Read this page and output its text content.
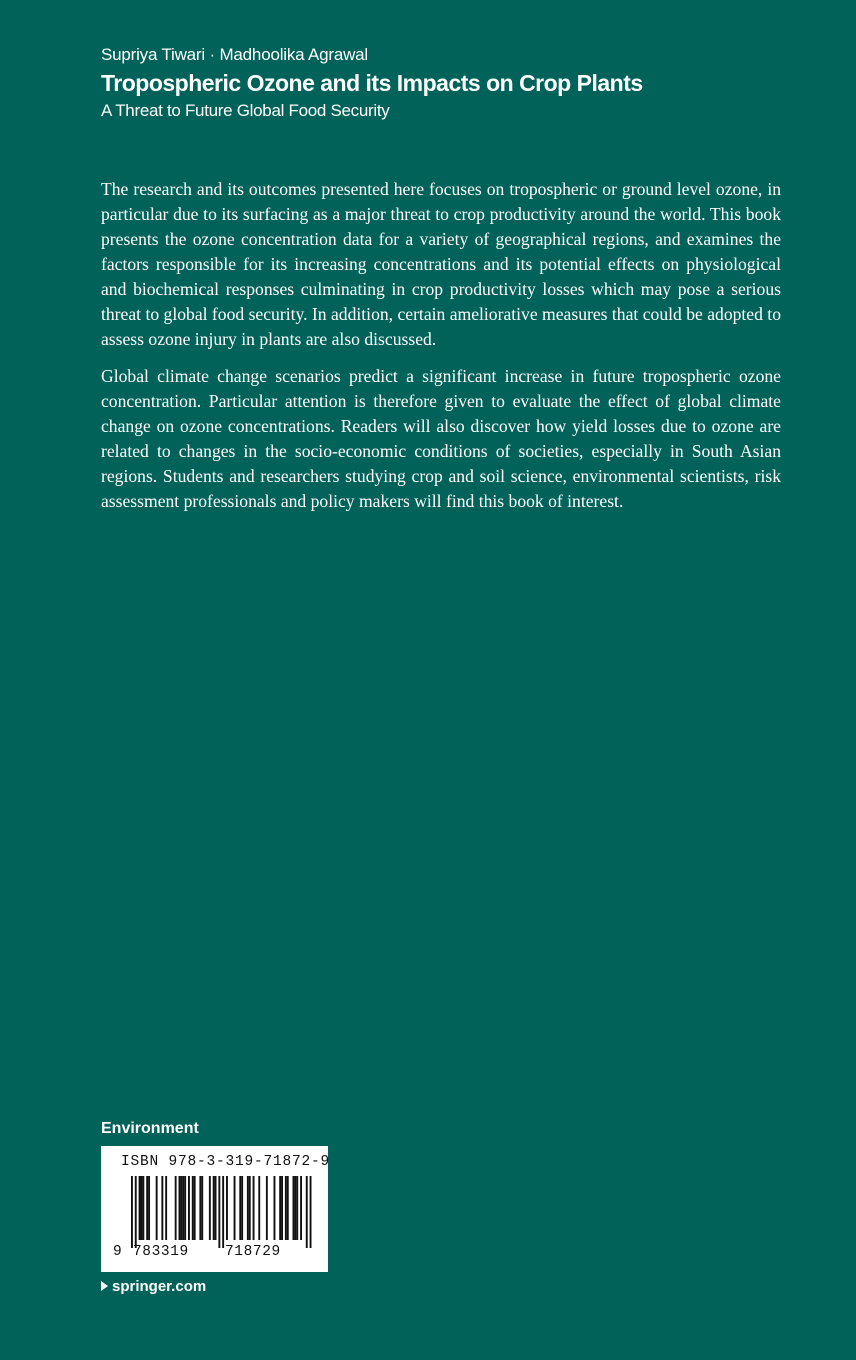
Supriya Tiwari · Madhoolika Agrawal
Tropospheric Ozone and its Impacts on Crop Plants
A Threat to Future Global Food Security

The research and its outcomes presented here focuses on tropospheric or ground level ozone, in particular due to its surfacing as a major threat to crop productivity around the world. This book presents the ozone concentration data for a variety of geographical regions, and examines the factors responsible for its increasing concentrations and its potential effects on physiological and biochemical responses culminating in crop productivity losses which may pose a serious threat to global food security. In addition, certain ameliorative measures that could be adopted to assess ozone injury in plants are also discussed.

Global climate change scenarios predict a significant increase in future tropospheric ozone concentration. Particular attention is therefore given to evaluate the effect of global climate change on ozone concentrations. Readers will also discover how yield losses due to ozone are related to changes in the socio-economic conditions of societies, especially in South Asian regions. Students and researchers studying crop and soil science, environmental scientists, risk assessment professionals and policy makers will find this book of interest.

Environment
ISBN 978-3-319-71872-9
9 783319 718729
springer.com
